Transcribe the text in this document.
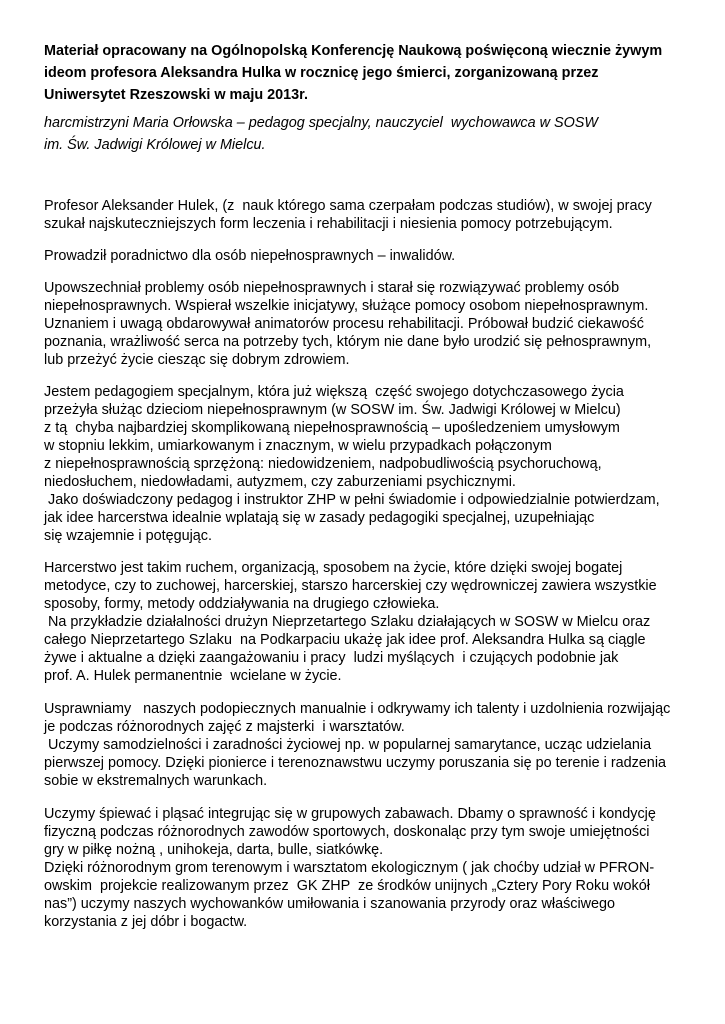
Materiał opracowany na Ogólnopolską Konferencję Naukową poświęconą wiecznie żywym
ideom profesora Aleksandra Hulka w rocznicę jego śmierci, zorganizowaną przez
Uniwersytet Rzeszowski w maju 2013r.
harcmistrzyni Maria Orłowska – pedagog specjalny, nauczyciel  wychowawca w SOSW
im. Św. Jadwigi Królowej w Mielcu.
Profesor Aleksander Hulek, (z  nauk którego sama czerpałam podczas studiów), w swojej pracy
szukał najskuteczniejszych form leczenia i rehabilitacji i niesienia pomocy potrzebującym.
Prowadził poradnictwo dla osób niepełnosprawnych – inwalidów.
Upowszechniał problemy osób niepełnosprawnych i starał się rozwiązywać problemy osób
niepełnosprawnych. Wspierał wszelkie inicjatywy, służące pomocy osobom niepełnosprawnym.
Uznaniem i uwagą obdarowywał animatorów procesu rehabilitacji. Próbował budzić ciekawość
poznania, wrażliwość serca na potrzeby tych, którym nie dane było urodzić się pełnosprawnym,
lub przeżyć życie ciesząc się dobrym zdrowiem.
Jestem pedagogiem specjalnym, która już większą  część swojego dotychczasowego życia
przeżyła służąc dzieciom niepełnosprawnym (w SOSW im. Św. Jadwigi Królowej w Mielcu)
z tą  chyba najbardziej skomplikowaną niepełnosprawnością – upośledzeniem umysłowym
w stopniu lekkim, umiarkowanym i znacznym, w wielu przypadkach połączonym
z niepełnosprawnością sprzężoną: niedowidzeniem, nadpobudliwością psychoruchową,
niedosłuchem, niedowładami, autyzmem, czy zaburzeniami psychicznymi.
Jako doświadczony pedagog i instruktor ZHP w pełni świadomie i odpowiedzialnie potwierdzam,
jak idee harcerstwa idealnie wplatają się w zasady pedagogiki specjalnej, uzupełniając
się wzajemnie i potęgując.
Harcerstwo jest takim ruchem, organizacją, sposobem na życie, które dzięki swojej bogatej
metodyce, czy to zuchowej, harcerskiej, starszo harcerskiej czy wędrowniczej zawiera wszystkie
sposoby, formy, metody oddziaływania na drugiego człowieka.
Na przykładzie działalności drużyn Nieprzetartego Szlaku działających w SOSW w Mielcu oraz
całego Nieprzetartego Szlaku  na Podkarpaciu ukażę jak idee prof. Aleksandra Hulka są ciągle
żywe i aktualne a dzięki zaangażowaniu i pracy  ludzi myślących  i czujących podobnie jak
prof. A. Hulek permanentnie  wcielane w życie.
Usprawniamy   naszych podopiecznych manualnie i odkrywamy ich talenty i uzdolnienia rozwijając
je podczas różnorodnych zajęć z majsterki  i warsztatów.
Uczymy samodzielności i zaradności życiowej np. w popularnej samarytance, ucząc udzielania
pierwszej pomocy. Dzięki pionierce i terenoznawstwu uczymy poruszania się po terenie i radzenia
sobie w ekstremalnych warunkach.
Uczymy śpiewać i pląsać integrując się w grupowych zabawach. Dbamy o sprawność i kondycję
fizyczną podczas różnorodnych zawodów sportowych, doskonaląc przy tym swoje umiejętności
gry w piłkę nożną , unihokeja, darta, bulle, siatkówkę.
Dzięki różnorodnym grom terenowym i warsztatom ekologicznym ( jak choćby udział w PFRON-
owskim  projekcie realizowanym przez  GK ZHP  ze środków unijnych „Cztery Pory Roku wokół
nas”) uczymy naszych wychowanków umiłowania i szanowania przyrody oraz właściwego
korzystania z jej dóbr i bogactw.
